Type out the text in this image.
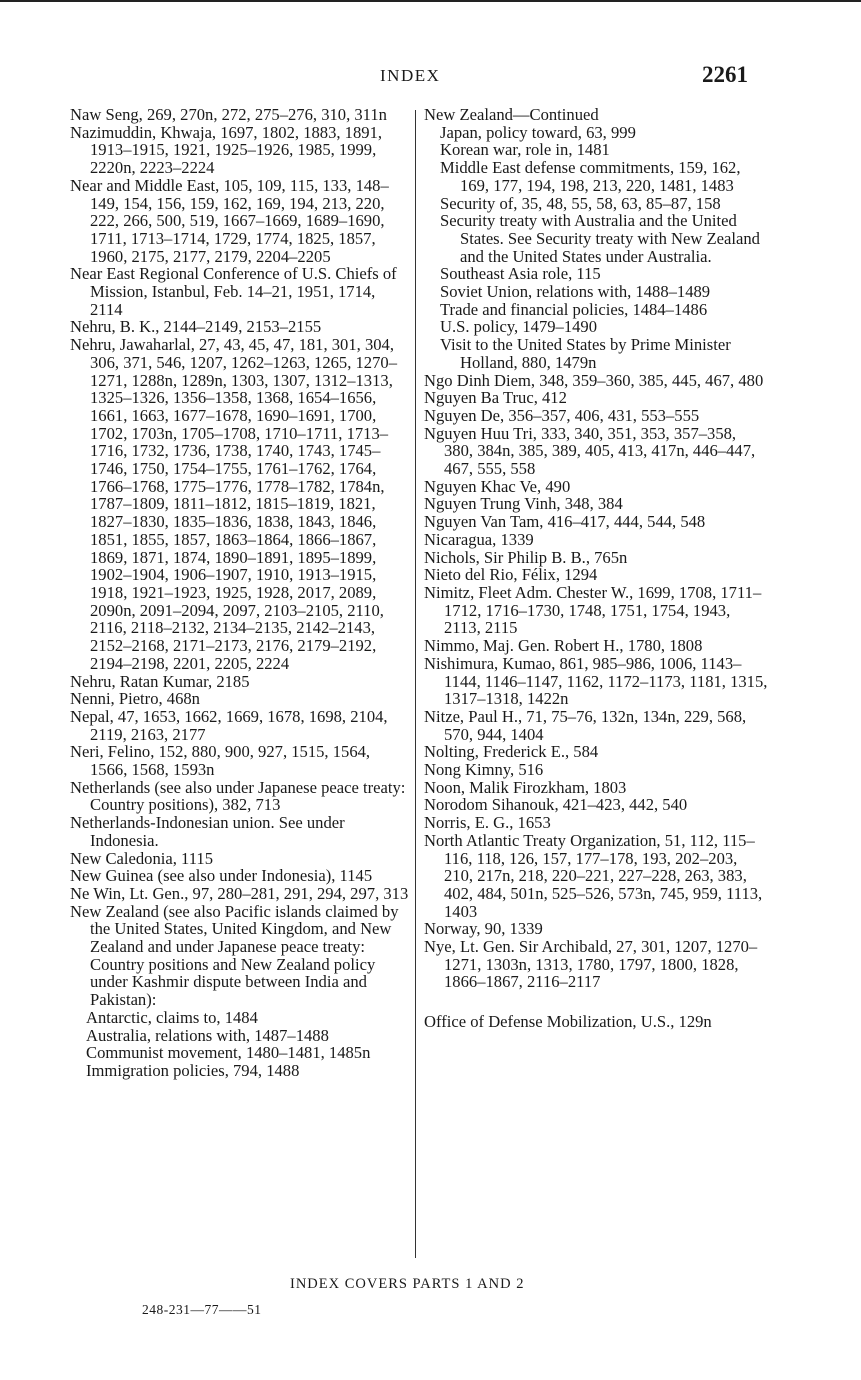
INDEX	2261
Naw Seng, 269, 270n, 272, 275–276, 310, 311n
Nazimuddin, Khwaja, 1697, 1802, 1883, 1891, 1913–1915, 1921, 1925–1926, 1985, 1999, 2220n, 2223–2224
Near and Middle East, 105, 109, 115, 133, 148–149, 154, 156, 159, 162, 169, 194, 213, 220, 222, 266, 500, 519, 1667–1669, 1689–1690, 1711, 1713–1714, 1729, 1774, 1825, 1857, 1960, 2175, 2177, 2179, 2204–2205
Near East Regional Conference of U.S. Chiefs of Mission, Istanbul, Feb. 14–21, 1951, 1714, 2114
Nehru, B. K., 2144–2149, 2153–2155
Nehru, Jawaharlal, 27, 43, 45, 47, 181, 301, 304, 306, 371, 546, 1207, 1262–1263, 1265, 1270–1271, 1288n, 1289n, 1303, 1307, 1312–1313, 1325–1326, 1356–1358, 1368, 1654–1656, 1661, 1663, 1677–1678, 1690–1691, 1700, 1702, 1703n, 1705–1708, 1710–1711, 1713–1716, 1732, 1736, 1738, 1740, 1743, 1745–1746, 1750, 1754–1755, 1761–1762, 1764, 1766–1768, 1775–1776, 1778–1782, 1784n, 1787–1809, 1811–1812, 1815–1819, 1821, 1827–1830, 1835–1836, 1838, 1843, 1846, 1851, 1855, 1857, 1863–1864, 1866–1867, 1869, 1871, 1874, 1890–1891, 1895–1899, 1902–1904, 1906–1907, 1910, 1913–1915, 1918, 1921–1923, 1925, 1928, 2017, 2089, 2090n, 2091–2094, 2097, 2103–2105, 2110, 2116, 2118–2132, 2134–2135, 2142–2143, 2152–2168, 2171–2173, 2176, 2179–2192, 2194–2198, 2201, 2205, 2224
Nehru, Ratan Kumar, 2185
Nenni, Pietro, 468n
Nepal, 47, 1653, 1662, 1669, 1678, 1698, 2104, 2119, 2163, 2177
Neri, Felino, 152, 880, 900, 927, 1515, 1564, 1566, 1568, 1593n
Netherlands (see also under Japanese peace treaty: Country positions), 382, 713
Netherlands-Indonesian union. See under Indonesia.
New Caledonia, 1115
New Guinea (see also under Indonesia), 1145
Ne Win, Lt. Gen., 97, 280–281, 291, 294, 297, 313
New Zealand (see also Pacific islands claimed by the United States, United Kingdom, and New Zealand and under Japanese peace treaty: Country positions and New Zealand policy under Kashmir dispute between India and Pakistan):
Antarctic, claims to, 1484
Australia, relations with, 1487–1488
Communist movement, 1480–1481, 1485n
Immigration policies, 794, 1488
New Zealand—Continued
Japan, policy toward, 63, 999
Korean war, role in, 1481
Middle East defense commitments, 159, 162, 169, 177, 194, 198, 213, 220, 1481, 1483
Security of, 35, 48, 55, 58, 63, 85–87, 158
Security treaty with Australia and the United States. See Security treaty with New Zealand and the United States under Australia.
Southeast Asia role, 115
Soviet Union, relations with, 1488–1489
Trade and financial policies, 1484–1486
U.S. policy, 1479–1490
Visit to the United States by Prime Minister Holland, 880, 1479n
Ngo Dinh Diem, 348, 359–360, 385, 445, 467, 480
Nguyen Ba Truc, 412
Nguyen De, 356–357, 406, 431, 553–555
Nguyen Huu Tri, 333, 340, 351, 353, 357–358, 380, 384n, 385, 389, 405, 413, 417n, 446–447, 467, 555, 558
Nguyen Khac Ve, 490
Nguyen Trung Vinh, 348, 384
Nguyen Van Tam, 416–417, 444, 544, 548
Nicaragua, 1339
Nichols, Sir Philip B. B., 765n
Nieto del Rio, Félix, 1294
Nimitz, Fleet Adm. Chester W., 1699, 1708, 1711–1712, 1716–1730, 1748, 1751, 1754, 1943, 2113, 2115
Nimmo, Maj. Gen. Robert H., 1780, 1808
Nishimura, Kumao, 861, 985–986, 1006, 1143–1144, 1146–1147, 1162, 1172–1173, 1181, 1315, 1317–1318, 1422n
Nitze, Paul H., 71, 75–76, 132n, 134n, 229, 568, 570, 944, 1404
Nolting, Frederick E., 584
Nong Kimny, 516
Noon, Malik Firozkham, 1803
Norodom Sihanouk, 421–423, 442, 540
Norris, E. G., 1653
North Atlantic Treaty Organization, 51, 112, 115–116, 118, 126, 157, 177–178, 193, 202–203, 210, 217n, 218, 220–221, 227–228, 263, 383, 402, 484, 501n, 525–526, 573n, 745, 959, 1113, 1403
Norway, 90, 1339
Nye, Lt. Gen. Sir Archibald, 27, 301, 1207, 1270–1271, 1303n, 1313, 1780, 1797, 1800, 1828, 1866–1867, 2116–2117
Office of Defense Mobilization, U.S., 129n
INDEX COVERS PARTS 1 AND 2
248-231—77——51
